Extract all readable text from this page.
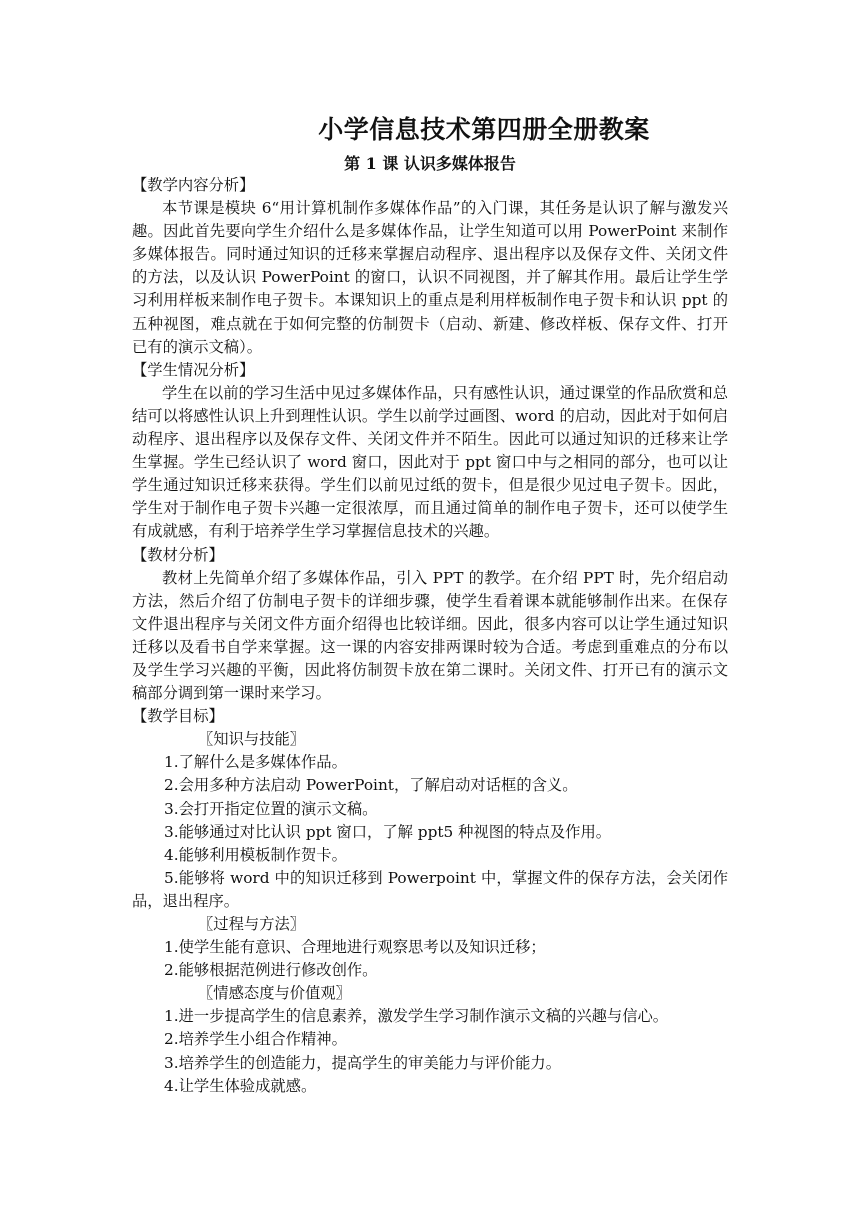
小学信息技术第四册全册教案
第 1 课 认识多媒体报告

【教学内容分析】

本节课是模块 6“用计算机制作多媒体作品”的入门课，其任务是认识了解与激发兴趣。因此首先要向学生介绍什么是多媒体作品，让学生知道可以用 PowerPoint 来制作多媒体报告。同时通过知识的迁移来掌握启动程序、退出程序以及保存文件、关闭文件的方法，以及认识 PowerPoint 的窗口，认识不同视图，并了解其作用。最后让学生学习利用样板来制作电子贺卡。本课知识上的重点是利用样板制作电子贺卡和认识 ppt 的五种视图，难点就在于如何完整的仿制贺卡（启动、新建、修改样板、保存文件、打开已有的演示文稿）。

【学生情况分析】

学生在以前的学习生活中见过多媒体作品，只有感性认识，通过课堂的作品欣赏和总结可以将感性认识上升到理性认识。学生以前学过画图、word 的启动，因此对于如何启动程序、退出程序以及保存文件、关闭文件并不陌生。因此可以通过知识的迁移来让学生掌握。学生已经认识了 word 窗口，因此对于 ppt 窗口中与之相同的部分，也可以让学生通过知识迁移来获得。学生们以前见过纸的贺卡，但是很少见过电子贺卡。因此，学生对于制作电子贺卡兴趣一定很浓厚，而且通过简单的制作电子贺卡，还可以使学生有成就感，有利于培养学生学习掌握信息技术的兴趣。

【教材分析】

教材上先简单介绍了多媒体作品，引入 PPT 的教学。在介绍 PPT 时，先介绍启动方法，然后介绍了仿制电子贺卡的详细步骤，使学生看着课本就能够制作出来。在保存文件退出程序与关闭文件方面介绍得也比较详细。因此，很多内容可以让学生通过知识迁移以及看书自学来掌握。这一课的内容安排两课时较为合适。考虑到重难点的分布以及学生学习兴趣的平衡，因此将仿制贺卡放在第二课时。关闭文件、打开已有的演示文稿部分调到第一课时来学习。

【教学目标】

〖知识与技能〗

1.了解什么是多媒体作品。

2.会用多种方法启动 PowerPoint，了解启动对话框的含义。

3.会打开指定位置的演示文稿。

3.能够通过对比认识 ppt 窗口，了解 ppt5 种视图的特点及作用。

4.能够利用模板制作贺卡。

5.能够将 word 中的知识迁移到 Powerpoint 中，掌握文件的保存方法，会关闭作品，退出程序。

〖过程与方法〗

1.使学生能有意识、合理地进行观察思考以及知识迁移；

2.能够根据范例进行修改创作。

〖情感态度与价值观〗

1.进一步提高学生的信息素养，激发学生学习制作演示文稿的兴趣与信心。

2.培养学生小组合作精神。

3.培养学生的创造能力，提高学生的审美能力与评价能力。

4.让学生体验成就感。
